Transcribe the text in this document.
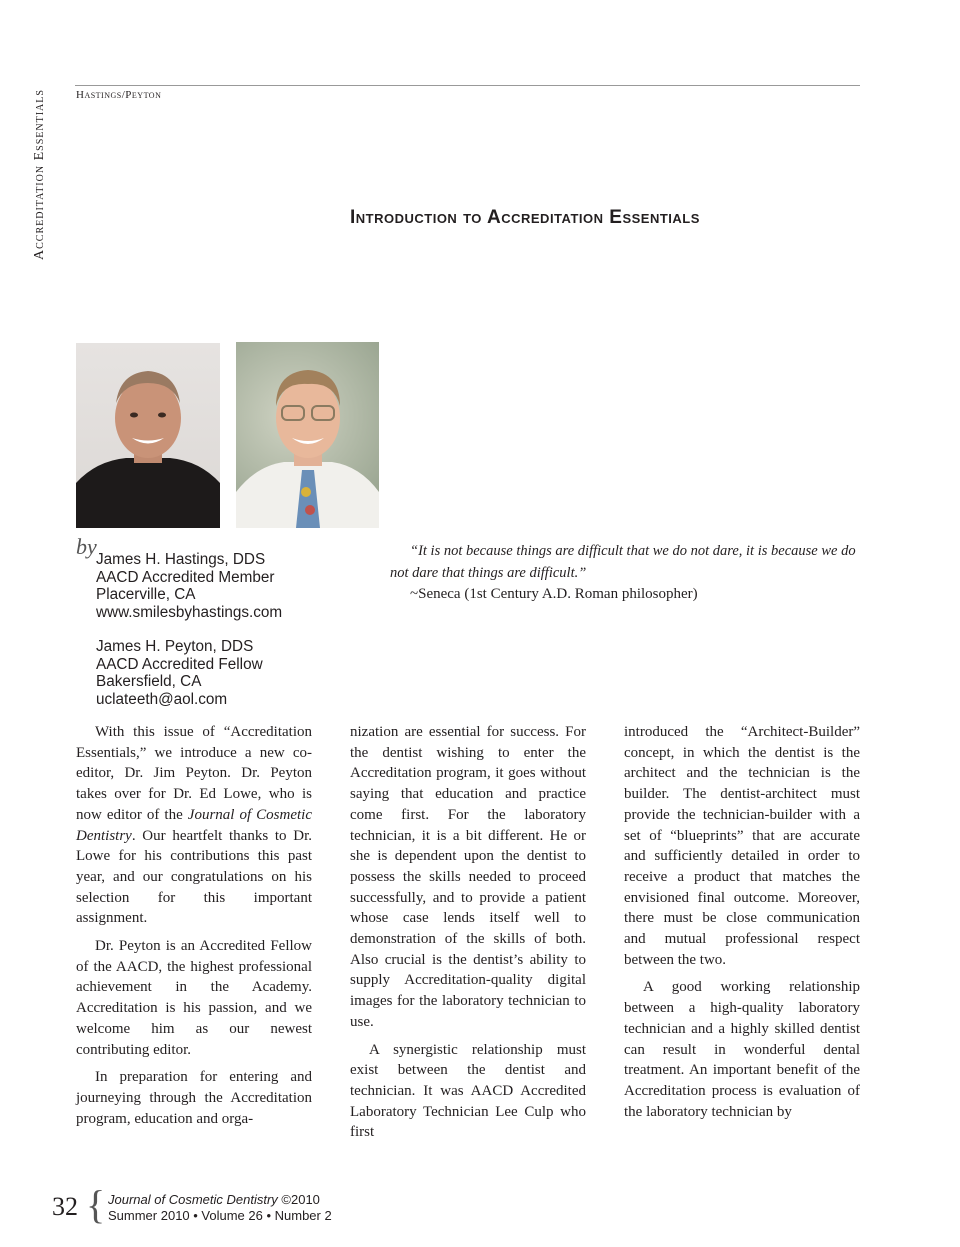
Accreditation Essentials	Hastings/Peyton
Introduction to Accreditation Essentials
by
James H. Hastings, DDS
AACD Accredited Member
Placerville, CA
www.smilesbyhastings.com
James H. Peyton, DDS
AACD Accredited Fellow
Bakersfield, CA
uclateeth@aol.com

“It is not because things are difficult that we do not dare, it is because we do not dare that things are difficult.”

~Seneca (1st Century A.D. Roman philosopher)

With this issue of “Accreditation Essentials,” we introduce a new co-editor, Dr. Jim Peyton. Dr. Peyton takes over for Dr. Ed Lowe, who is now editor of the Journal of Cosmetic Dentistry. Our heartfelt thanks to Dr. Lowe for his contributions this past year, and our congratulations on his selection for this important assignment.

Dr. Peyton is an Accredited Fellow of the AACD, the highest professional achievement in the Academy. Accreditation is his passion, and we welcome him as our newest contributing editor.

In preparation for entering and journeying through the Accreditation program, education and orga-

nization are essential for success. For the dentist wishing to enter the Accreditation program, it goes without saying that education and practice come first. For the laboratory technician, it is a bit different. He or she is dependent upon the dentist to possess the skills needed to proceed successfully, and to provide a patient whose case lends itself well to demonstration of the skills of both. Also crucial is the dentist’s ability to supply Accreditation-quality digital images for the laboratory technician to use.

A synergistic relationship must exist between the dentist and technician. It was AACD Accredited Laboratory Technician Lee Culp who first

introduced the “Architect-Builder” concept, in which the dentist is the architect and the technician is the builder. The dentist-architect must provide the technician-builder with a set of “blueprints” that are accurate and sufficiently detailed in order to receive a product that matches the envisioned final outcome. Moreover, there must be close communication and mutual professional respect between the two.

A good working relationship between a high-quality laboratory technician and a highly skilled dentist can result in wonderful dental treatment. An important benefit of the Accreditation process is evaluation of the laboratory technician by

32 { Journal of Cosmetic Dentistry ©2010
Summer 2010 • Volume 26 • Number 2
